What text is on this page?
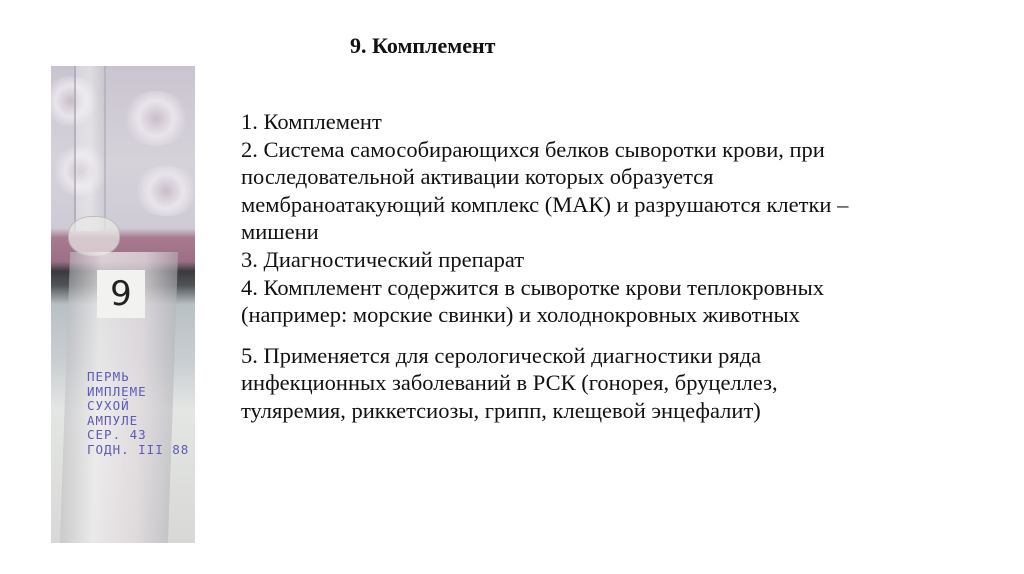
9. Комплемент
9
ПЕРМЬ
ИМПЛЕМЕ
СУХОЙ
АМПУЛЕ
СЕР. 43
ГОДН. III 88
1. Комплемент
2. Система самособирающихся белков сыворотки крови, при
последовательной активации которых образуется
мембраноатакующий комплекс (МАК) и разрушаются клетки –
мишени
3. Диагностический препарат
4. Комплемент содержится в сыворотке крови теплокровных
(например: морские свинки) и холоднокровных животных
5. Применяется для серологической диагностики ряда
инфекционных заболеваний в РСК (гонорея, бруцеллез,
туляремия, риккетсиозы, грипп, клещевой энцефалит)
